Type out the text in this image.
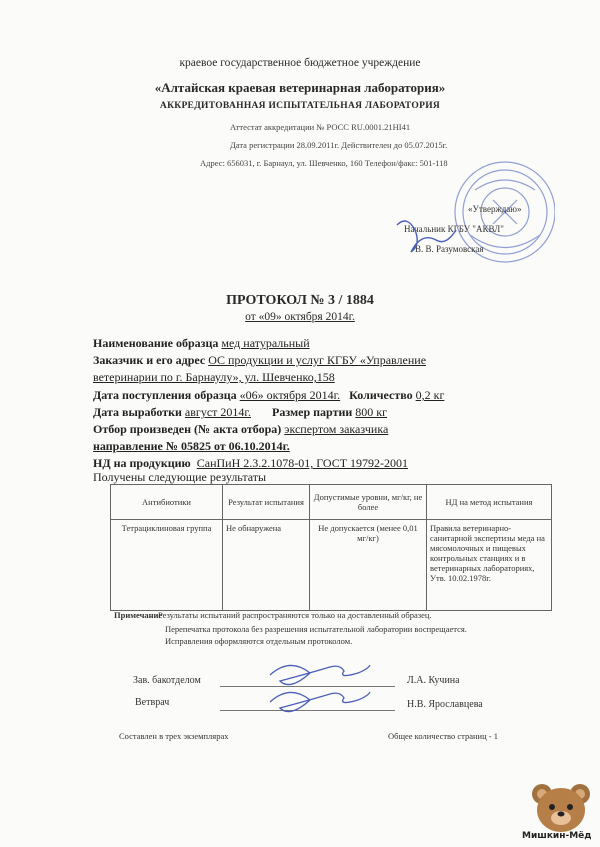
краевое государственное бюджетное учреждение
«Алтайская краевая ветеринарная лаборатория»
АККРЕДИТОВАННАЯ ИСПЫТАТЕЛЬНАЯ ЛАБОРАТОРИЯ
Аттестат аккредитации № РОСС RU.0001.21HI41
Дата регистрации 28.09.2011г. Действителен до 05.07.2015г.
Адрес: 656031, г. Барнаул, ул. Шевченко, 160 Телефон/факс: 501-118
«Утверждаю»
Начальник КГБУ "АКВЛ"
В. В. Разумовская
ПРОТОКОЛ № 3 / 1884
от «09» октября 2014г.
Наименование образца мед натуральный
Заказчик и его адрес ОС продукции и услуг КГБУ «Управление
ветеринарии по г. Барнаулу», ул. Шевченко,158
Дата поступления образца «06» октября 2014г. Количество 0,2 кг
Дата выработки август 2014г. Размер партии 800 кг
Отбор произведен (№ акта отбора) экспертом заказчика
направление № 05825 от 06.10.2014г.
НД на продукцию СанПиН 2.3.2.1078-01, ГОСТ 19792-2001
Получены следующие результаты
Антибиотики	Результат испытания	Допустимые уровни, мг/кг, не более	НД на метод испытания
Тетрациклиновая группа	Не обнаружена	Не допускается (менее 0,01 мг/кг)	Правила ветеринарно-санитарной экспертизы меда на мясомолочных и пищевых контрольных станциях и в ветеринарных лабораториях, Утв. 10.02.1978г.
Примечание
Результаты испытаний распространяются только на доставленный образец.
Перепечатка протокола без разрешения испытательной лаборатории воспрещается.
Исправления оформляются отдельным протоколом.
Зав. бакотделом	Л.А. Кучина
Ветврач	Н.В. Ярославцева
Составлен в трех экземплярах	Общее количество страниц - 1
Мишкин-Мёд
